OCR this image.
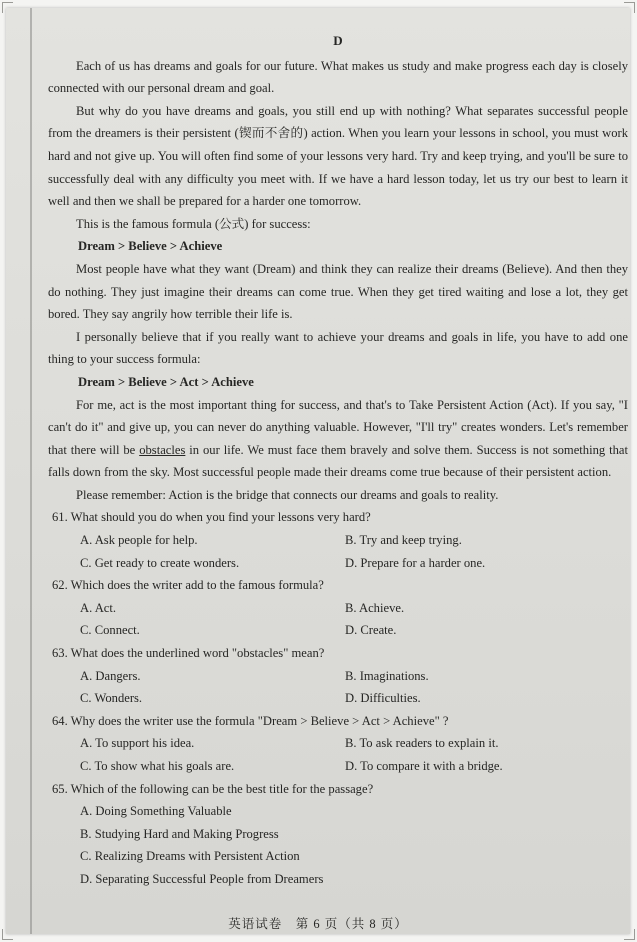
D

Each of us has dreams and goals for our future. What makes us study and make progress each day is closely connected with our personal dream and goal.

But why do you have dreams and goals, you still end up with nothing? What separates successful people from the dreamers is their persistent (锲而不舍的) action. When you learn your lessons in school, you must work hard and not give up. You will often find some of your lessons very hard. Try and keep trying, and you'll be sure to successfully deal with any difficulty you meet with. If we have a hard lesson today, let us try our best to learn it well and then we shall be prepared for a harder one tomorrow.

This is the famous formula (公式) for success:

Dream > Believe > Achieve

Most people have what they want (Dream) and think they can realize their dreams (Believe). And then they do nothing. They just imagine their dreams can come true. When they get tired waiting and lose a lot, they get bored. They say angrily how terrible their life is.

I personally believe that if you really want to achieve your dreams and goals in life, you have to add one thing to your success formula:

Dream > Believe > Act > Achieve

For me, act is the most important thing for success, and that's to Take Persistent Action (Act). If you say, "I can't do it" and give up, you can never do anything valuable. However, "I'll try" creates wonders. Let's remember that there will be obstacles in our life. We must face them bravely and solve them. Success is not something that falls down from the sky. Most successful people made their dreams come true because of their persistent action.

Please remember: Action is the bridge that connects our dreams and goals to reality.

61. What should you do when you find your lessons very hard?

A. Ask people for help.	B. Try and keep trying.

C. Get ready to create wonders.	D. Prepare for a harder one.

62. Which does the writer add to the famous formula?

A. Act.	B. Achieve.

C. Connect.	D. Create.

63. What does the underlined word "obstacles" mean?

A. Dangers.	B. Imaginations.

C. Wonders.	D. Difficulties.

64. Why does the writer use the formula "Dream > Believe > Act > Achieve" ?

A. To support his idea.	B. To ask readers to explain it.

C. To show what his goals are.	D. To compare it with a bridge.

65. Which of the following can be the best title for the passage?

A. Doing Something Valuable

B. Studying Hard and Making Progress

C. Realizing Dreams with Persistent Action

D. Separating Successful People from Dreamers

英语试卷　第 6 页（共 8 页）
